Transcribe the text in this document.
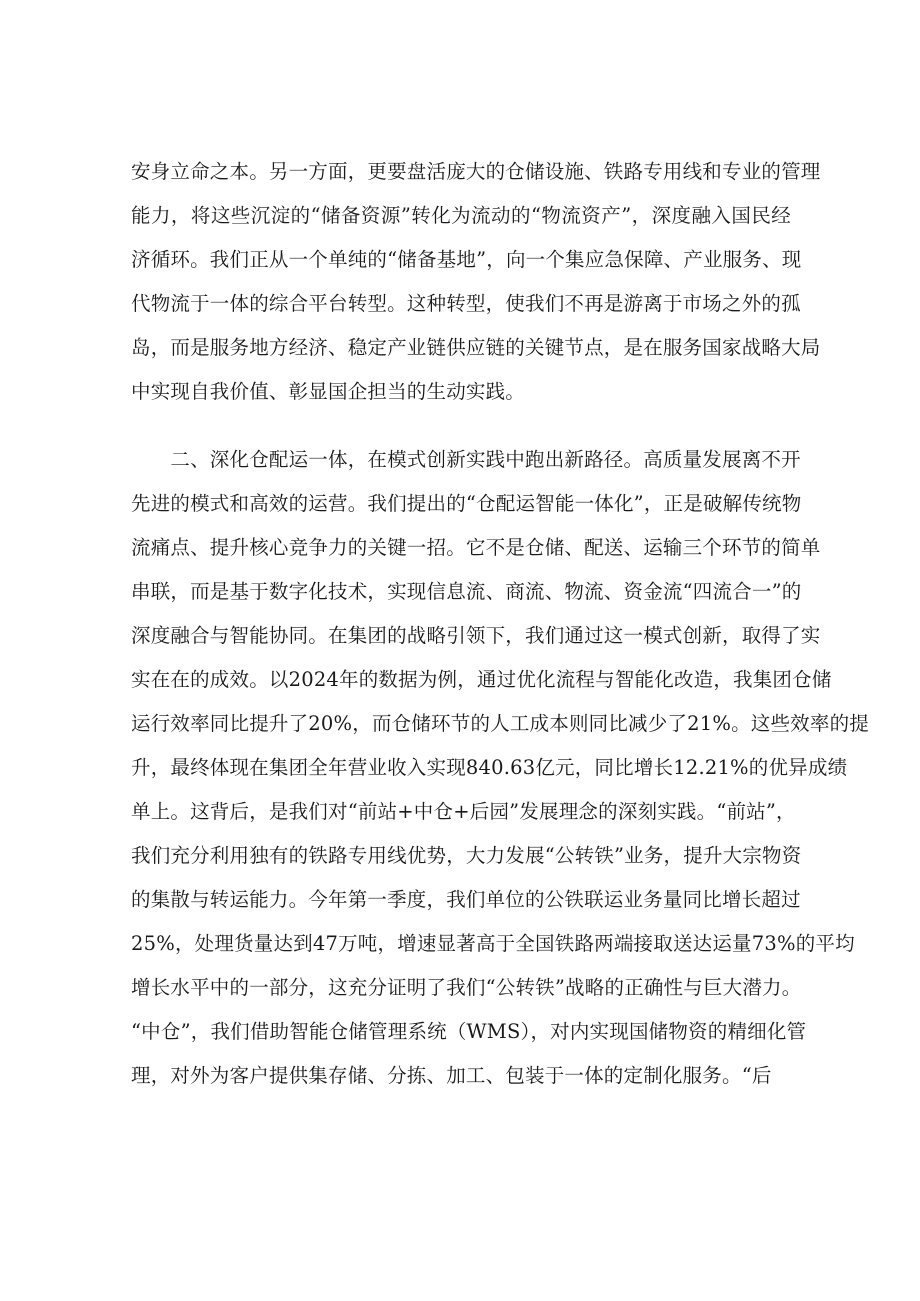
安身立命之本。另一方面，更要盘活庞大的仓储设施、铁路专用线和专业的管理
能力，将这些沉淀的“储备资源”转化为流动的“物流资产”，深度融入国民经
济循环。我们正从一个单纯的“储备基地”，向一个集应急保障、产业服务、现
代物流于一体的综合平台转型。这种转型，使我们不再是游离于市场之外的孤
岛，而是服务地方经济、稳定产业链供应链的关键节点，是在服务国家战略大局
中实现自我价值、彰显国企担当的生动实践。
　　二、深化仓配运一体，在模式创新实践中跑出新路径。高质量发展离不开
先进的模式和高效的运营。我们提出的“仓配运智能一体化”，正是破解传统物
流痛点、提升核心竞争力的关键一招。它不是仓储、配送、运输三个环节的简单
串联，而是基于数字化技术，实现信息流、商流、物流、资金流“四流合一”的
深度融合与智能协同。在集团的战略引领下，我们通过这一模式创新，取得了实
实在在的成效。以2024年的数据为例，通过优化流程与智能化改造，我集团仓储
运行效率同比提升了20%，而仓储环节的人工成本则同比减少了21%。这些效率的提
升，最终体现在集团全年营业收入实现840.63亿元，同比增长12.21%的优异成绩
单上。这背后，是我们对“前站+中仓+后园”发展理念的深刻实践。“前站”，
我们充分利用独有的铁路专用线优势，大力发展“公转铁”业务，提升大宗物资
的集散与转运能力。今年第一季度，我们单位的公铁联运业务量同比增长超过
25%，处理货量达到47万吨，增速显著高于全国铁路两端接取送达运量73%的平均
增长水平中的一部分，这充分证明了我们“公转铁”战略的正确性与巨大潜力。
“中仓”，我们借助智能仓储管理系统（WMS），对内实现国储物资的精细化管
理，对外为客户提供集存储、分拣、加工、包装于一体的定制化服务。“后
